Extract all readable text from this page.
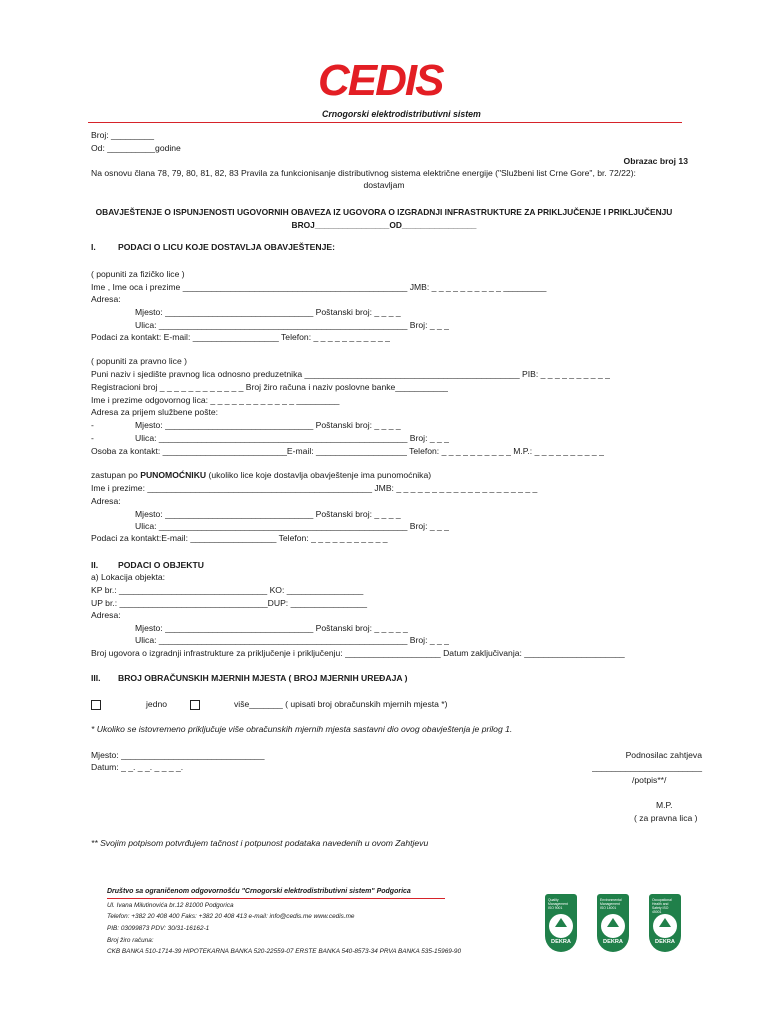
CEDIS
Crnogorski elektrodistributivni sistem
Broj: _________
Od: __________godine
Obrazac broj 13
Na osnovu člana 78, 79, 80, 81, 82, 83 Pravila za funkcionisanje distributivnog sistema električne energije ("Službeni list Crne Gore", br. 72/22):
dostavljam
OBAVJEŠTENJE O ISPUNJENOSTI UGOVORNIH OBAVEZA IZ UGOVORA O IZGRADNJI INFRASTRUKTURE ZA PRIKLJUČENJE I PRIKLJUČENJU
BROJ________________OD________________
I.	PODACI O LICU KOJE DOSTAVLJA OBAVJEŠTENJE:
( popuniti za fizičko lice )
Ime , Ime oca i prezime _______________________________________________ JMB: _ _ _ _ _ _ _ _ _ _ _________
Adresa:
Mjesto: _______________________________ Poštanski broj: _ _ _ _
Ulica: ____________________________________________________ Broj: _ _ _
Podaci za kontakt: E-mail: __________________ Telefon: _ _ _ _ _ _ _ _ _ _ _
( popuniti za pravno lice )
Puni naziv i sjedište pravnog lica odnosno preduzetnika _____________________________________________ PIB: _ _ _ _ _ _ _ _ _ _
Registracioni broj _ _ _ _ _ _ _ _ _ _ _ _ Broj žiro računa i naziv poslovne banke___________
Ime i prezime odgovornog lica: _ _ _ _ _ _ _ _ _ _ _ _ _________
Adresa za prijem službene pošte:
-	Mjesto: _______________________________ Poštanski broj: _ _ _ _
-	Ulica: ____________________________________________________ Broj: _ _ _
Osoba za kontakt: __________________________E-mail: ___________________ Telefon: _ _ _ _ _ _ _ _ _ _ M.P.: _ _ _ _ _ _ _ _ _ _
zastupan po PUNOMOĆNIKU (ukoliko lice koje dostavlja obavještenje ima punomoćnika)
Ime i prezime: _______________________________________________ JMB: _ _ _ _ _ _ _ _ _ _ _ _ _ _ _ _ _ _ _ _
Adresa:
Mjesto: _______________________________ Poštanski broj: _ _ _ _
Ulica: ____________________________________________________ Broj: _ _ _
Podaci za kontakt:E-mail: __________________ Telefon: _ _ _ _ _ _ _ _ _ _ _
II. PODACI O OBJEKTU
a) Lokacija objekta:
KP br.: _______________________________ KO: ________________
UP br.: _______________________________DUP: ________________
Adresa:
Mjesto: _______________________________ Poštanski broj: _ _ _ _ _
Ulica: ____________________________________________________ Broj: _ _ _
Broj ugovora o izgradnji infrastrukture za priključenje i priključenju: ____________________ Datum zaključivanja: _____________________
III. BROJ OBRAČUNSKIH MJERNIH MJESTA ( BROJ MJERNIH UREĐAJA )
jedno	više_______ ( upisati broj obračunskih mjernih mjesta *)
* Ukoliko se istovremeno priključuje više obračunskih mjernih mjesta sastavni dio ovog obavještenja je prilog 1.
Mjesto: ______________________________
Datum: _ _. _ _. _ _ _ _.
Podnosilac zahtjeva
_______________________
/potpis**/
M.P.
( za pravna lica )
** Svojim potpisom potvrđujem tačnost i potpunost podataka navedenih u ovom Zahtjevu
Društvo sa ograničenom odgovornošću "Crnogorski elektrodistributivni sistem" Podgorica
Ul. Ivana Milutinovića br.12 81000 Podgorica
Telefon: +382 20 408 400 Faks: +382 20 408 413 e-mail: info@cedis.me www.cedis.me
PIB: 03099873 PDV: 30/31-16162-1
Broj žiro računa:
CKB BANKA 510-1714-39 HIPOTEKARNA BANKA 520-22559-07 ERSTE BANKA 540-8573-34 PRVA BANKA 535-15969-90
Quality Management ISO 9001
DEKRA
Environmental Management ISO 14001
DEKRA
Occupational Health and Safety ISO 45001
DEKRA
